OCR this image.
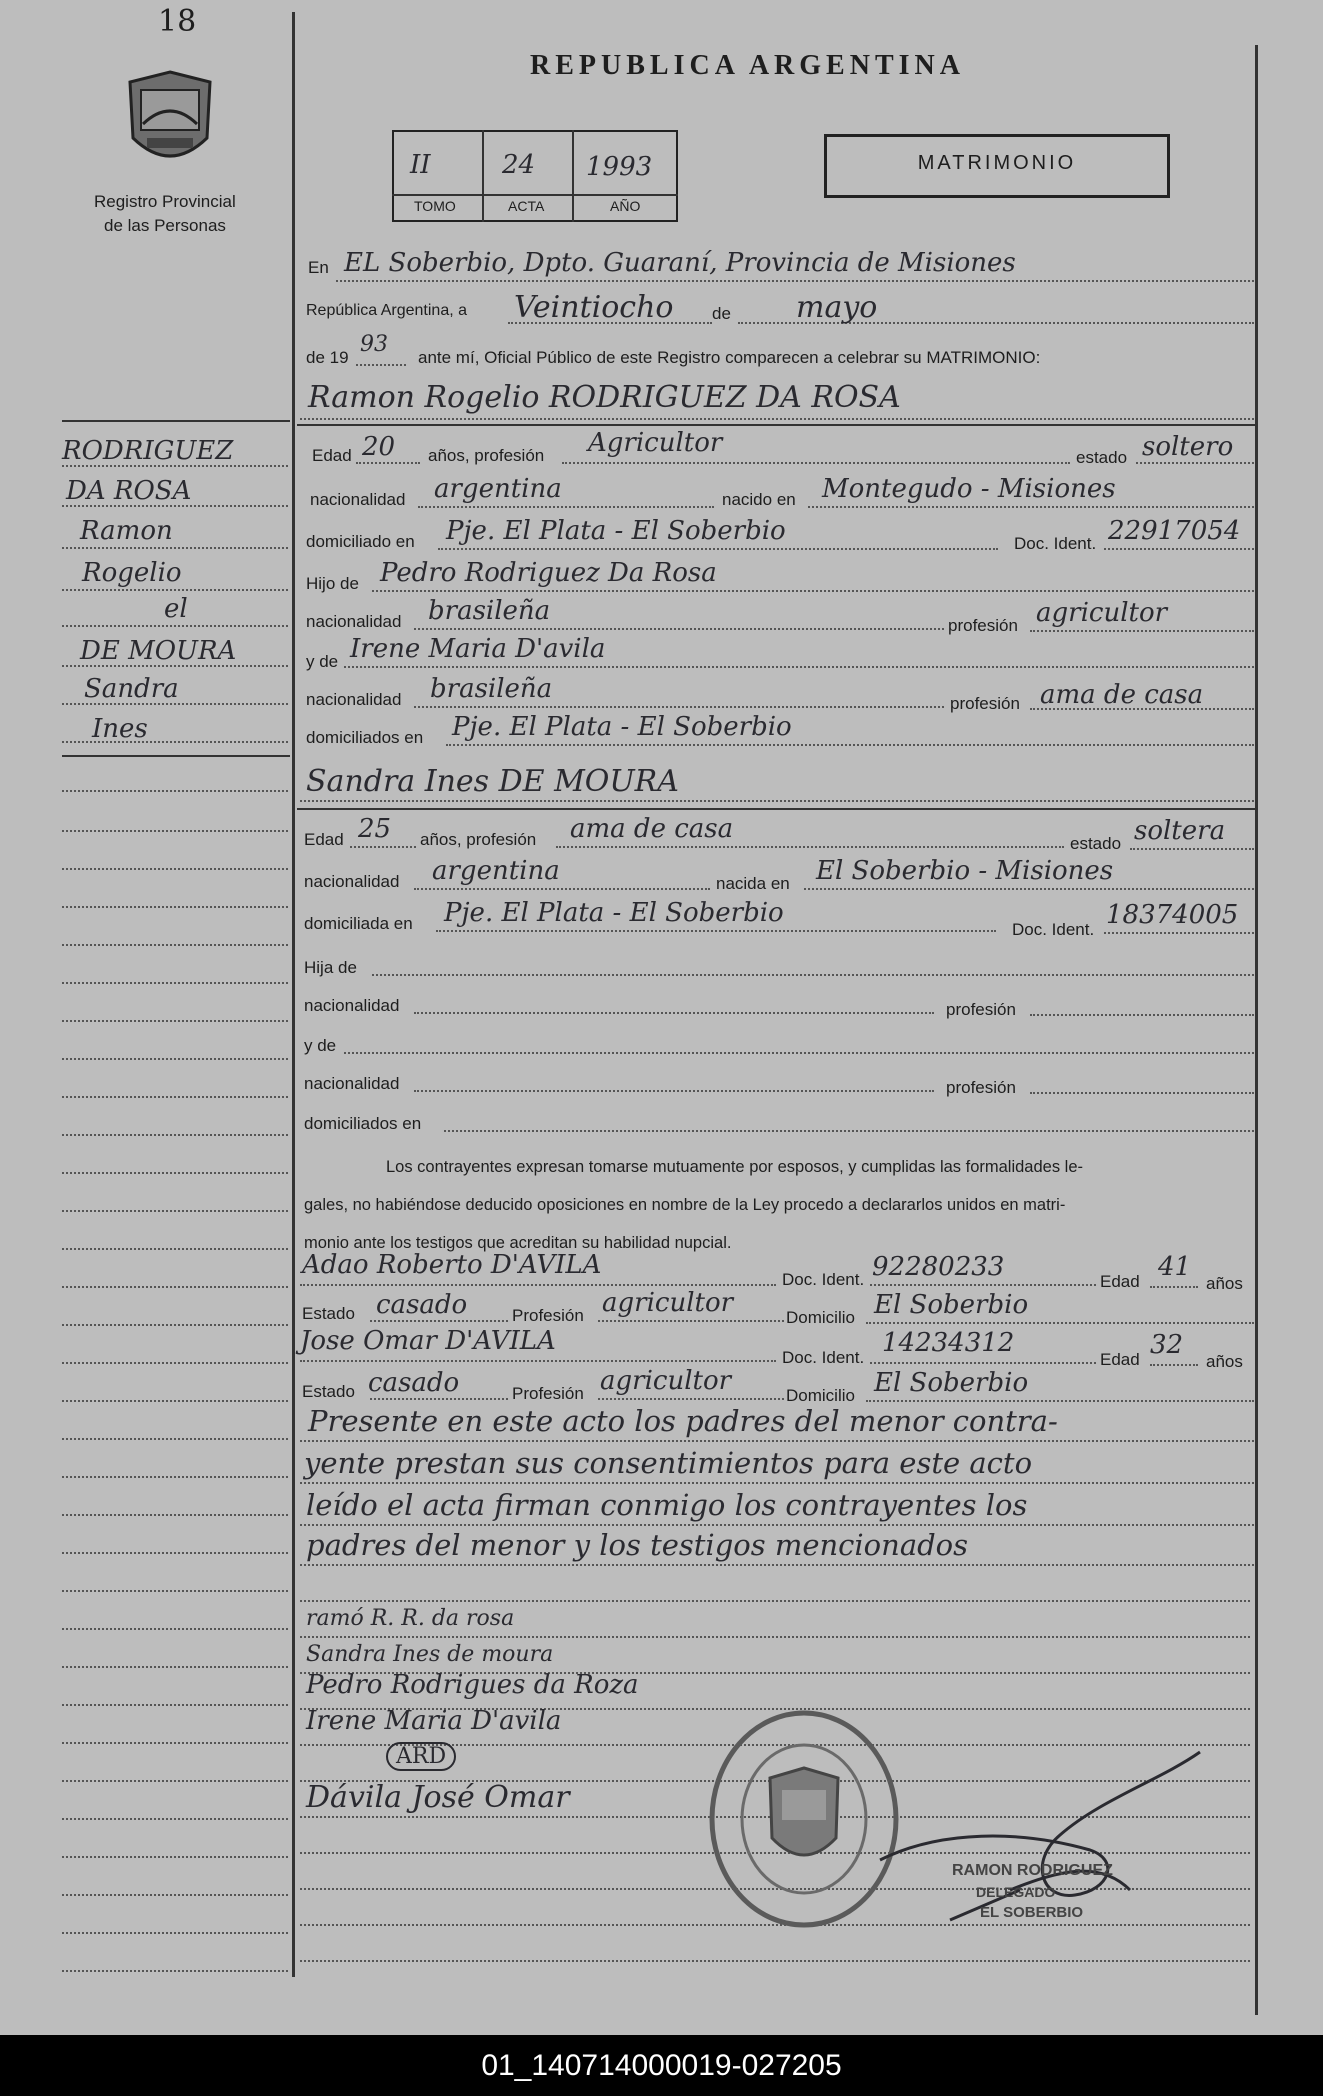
18
Registro Provincial
de las Personas
REPUBLICA ARGENTINA
II	24 1993
TOMO	ACTA	AÑO
MATRIMONIO
RODRIGUEZ
DA ROSA
Ramon
Rogelio
el
DE MOURA
Sandra
Ines
En EL Soberbio, Dpto. Guaraní, Provincia de Misiones
República Argentina, a Veintiocho de mayo
de 19
93
ante mí, Oficial Público de este Registro comparecen a celebrar su MATRIMONIO:
Ramon Rogelio RODRIGUEZ DA ROSA
Edad 20 años, profesión Agricultor	estado soltero
nacionalidad argentina	nacido en Montegudo - Misiones
domiciliado en Pje. El Plata - El Soberbio	Doc. Ident. 22917054
Hijo de Pedro Rodriguez Da Rosa
nacionalidad brasileña	profesión agricultor
y de Irene Maria D'avila
nacionalidad brasileña	profesión ama de casa
domiciliados en Pje. El Plata - El Soberbio
Sandra Ines DE MOURA
Edad 25 años, profesión ama de casa	estado soltera
nacionalidad argentina	nacida en El Soberbio - Misiones
domiciliada en Pje. El Plata - El Soberbio
Doc. Ident. 18374005
Hija de
nacionalidad	profesión
y de
nacionalidad	profesión
domiciliados en
Los contrayentes expresan tomarse mutuamente por esposos, y cumplidas las formalidades le-
gales, no habiéndose deducido oposiciones en nombre de la Ley procedo a declararlos unidos en matri-
monio ante los testigos que acreditan su habilidad nupcial.
Adao Roberto D'AVILA	Doc. Ident. 92280233	Edad 41
años
Estado casado	Profesión agricultor	Domicilio El Soberbio
Jose Omar D'AVILA
Doc. Ident. 14234312
Edad 32
años
Estado casado	Profesión agricultor	Domicilio El Soberbio
Presente en este acto los padres del menor contra-
yente prestan sus consentimientos para este acto
leído el acta firman conmigo los contrayentes los
padres del menor y los testigos mencionados
ramó R. R. da rosa
Sandra Ines de moura
Pedro Rodrigues da Roza
Irene Maria D'avila
ARD
Dávila José Omar
RAMON RODRIGUEZ
DELEGADO
EL SOBERBIO
01_140714000019-027205
